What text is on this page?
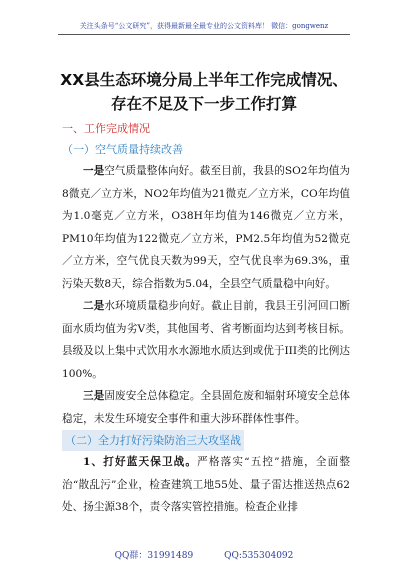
关注头条号“公文研究”，获得最新最全最专业的公文资料库！ 微信：gongwenz
XX县生态环境分局上半年工作完成情况、
存在不足及下一步工作打算
一、工作完成情况
（一）空气质量持续改善

一是空气质量整体向好。截至目前，我县的SO2年均值为8微克／立方米，NO2年均值为21微克／立方米，CO年均值为1.0毫克／立方米，O38H年均值为146微克／立方米，PM10年均值为122微克／立方米，PM2.5年均值为52微克／立方米，空气优良天数为99天，空气优良率为69.3%，重污染天数8天，综合指数为5.04，全县空气质量稳中向好。

二是水环境质量稳步向好。截止目前，我县王引河回口断面水质均值为劣V类，其他国考、省考断面均达到考核目标。县级及以上集中式饮用水水源地水质达到或优于III类的比例达100%。

三是固废安全总体稳定。全县固危废和辐射环境安全总体稳定，未发生环境安全事件和重大涉环群体性事件。

（二）全力打好污染防治三大攻坚战

1、打好蓝天保卫战。严格落实“五控”措施，全面整治“散乱污”企业，检查建筑工地55处、量子雷达推送热点62处、扬尘源38个，责令落实管控措施。检查企业排

QQ群：31991489	QQ:535304092
